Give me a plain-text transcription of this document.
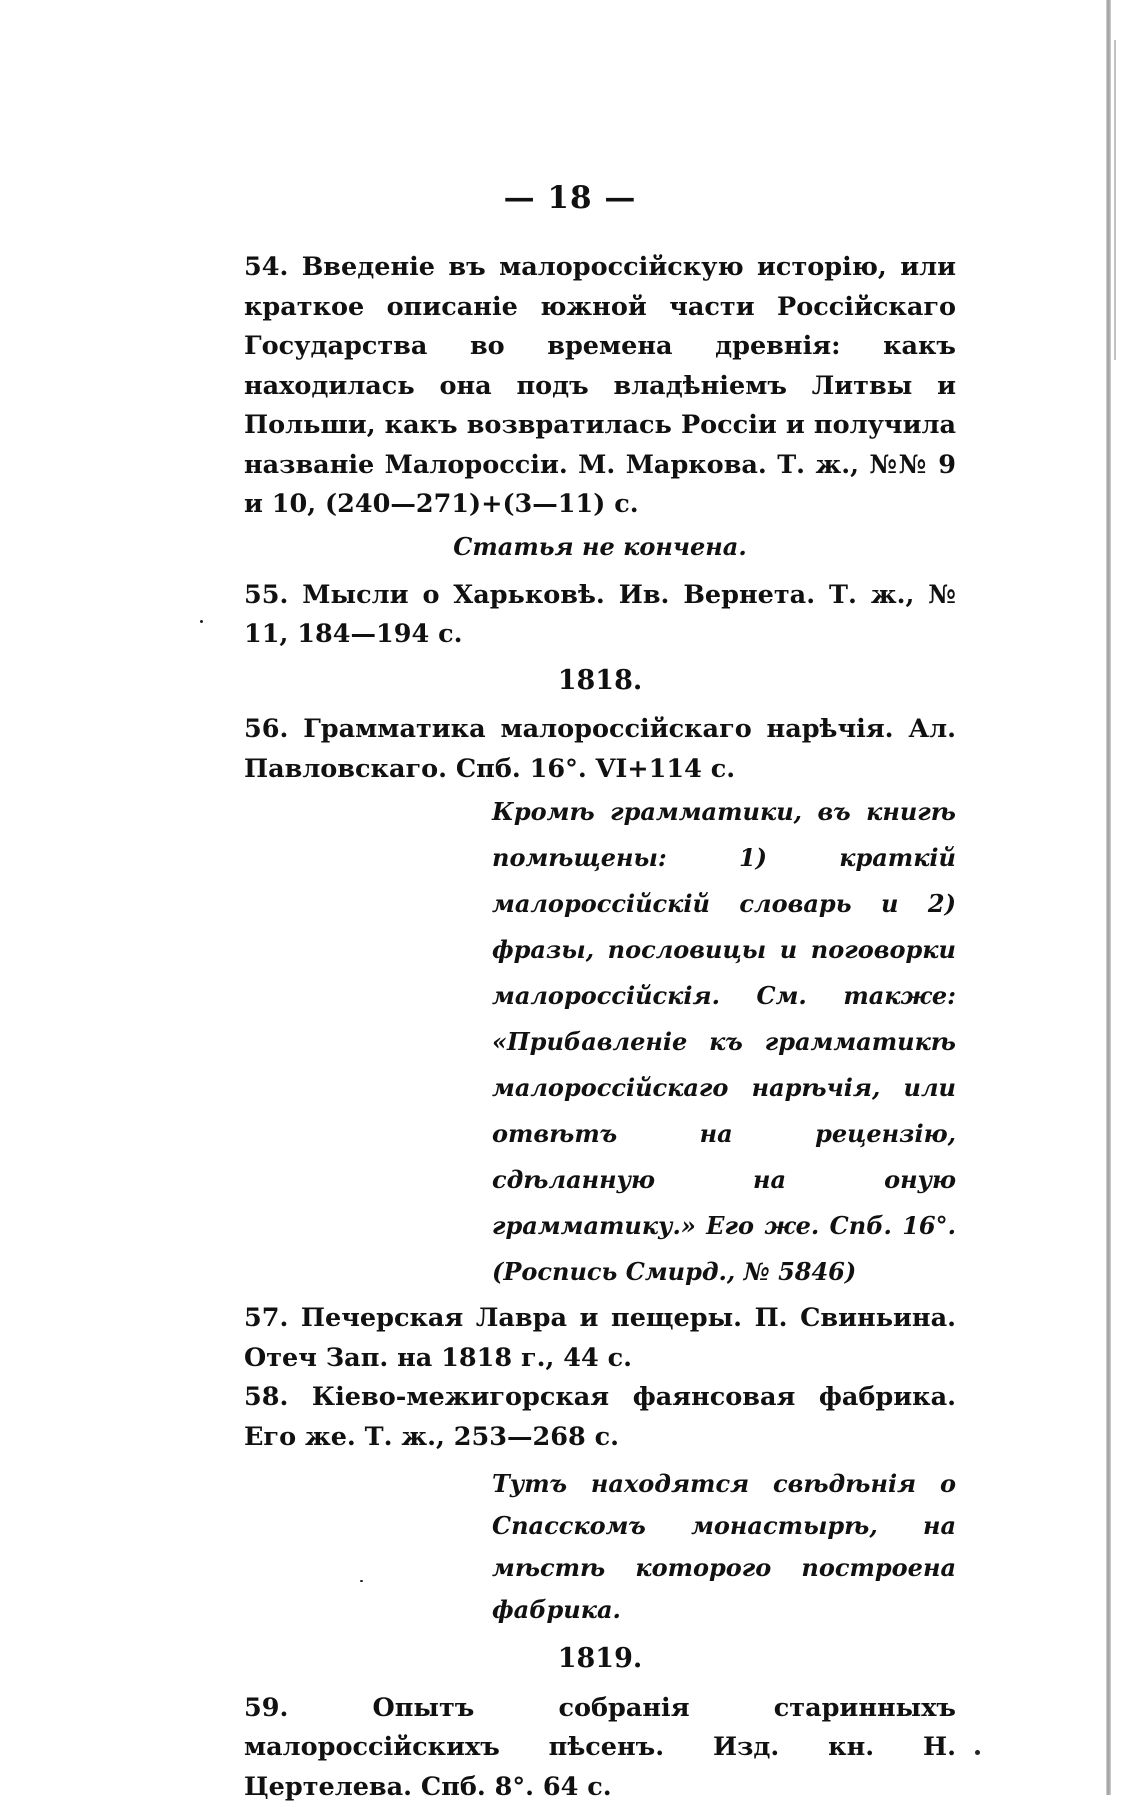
— 18 —

54. Введеніе въ малороссійскую исторію, или краткое описаніе южной части Россійскаго Государства во времена древнія: какъ находилась она подъ владѣніемъ Литвы и Польши, какъ возвратилась Россіи и получила названіе Малороссіи. М. Маркова. Т. ж., №№ 9 и 10, (240—271)+(3—11) с.

Статья не кончена.

55. Мысли о Харьковѣ. Ив. Вернета. Т. ж., № 11, 184—194 с.

1818.

56. Грамматика малороссійскаго нарѣчія. Ал. Павловскаго. Спб. 16°. VI+114 с.

Кромѣ грамматики, въ книгѣ помѣщены: 1) краткій малороссійскій словарь и 2) фразы, пословицы и поговорки малороссійскія. См. также: «Прибавленіе къ грамматикѣ малороссійскаго нарѣчія, или отвѣтъ на рецензію, сдѣланную на оную грамматику.» Его же. Спб. 16°. (Роспись Смирд., № 5846)

57. Печерская Лавра и пещеры. П. Свиньина. Отеч Зап. на 1818 г., 44 с.

58. Кіево-межигорская фаянсовая фабрика. Его же. Т. ж., 253—268 с.

Тутъ находятся свѣдѣнія о Спасскомъ монастырѣ, на мѣстѣ которого построена фабрика.
1819.

59. Опытъ собранія старинныхъ малороссійскихъ пѣсенъ. Изд. кн. Н. Цертелева. Спб. 8°. 64 с.
